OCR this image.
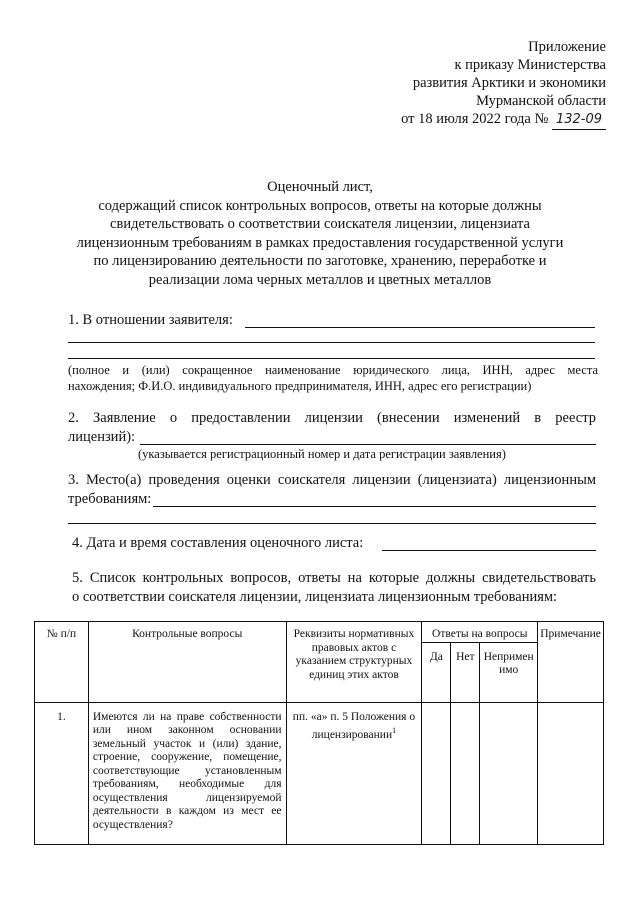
Приложение
к приказу Министерства
развития Арктики и экономики
Мурманской области
от 18 июля 2022 года № 132-09
Оценочный лист,
содержащий список контрольных вопросов, ответы на которые должны
свидетельствовать о соответствии соискателя лицензии, лицензиата
лицензионным требованиям в рамках предоставления государственной услуги
по лицензированию деятельности по заготовке, хранению, переработке и
реализации лома черных металлов и цветных металлов
1. В отношении заявителя:
(полное и (или) сокращенное наименование юридического лица, ИНН, адрес места
нахождения; Ф.И.О. индивидуального предпринимателя, ИНН, адрес его регистрации)
2. Заявление о предоставлении лицензии (внесении изменений в реестр
лицензий):
(указывается регистрационный номер и дата регистрации заявления)
3. Место(а) проведения оценки соискателя лицензии (лицензиата) лицензионным
требованиям:
4. Дата и время составления оценочного листа:
5. Список контрольных вопросов, ответы на которые должны свидетельствовать
о соответствии соискателя лицензии, лицензиата лицензионным требованиям:
№ п/п	Контрольные вопросы	Реквизиты нормативных правовых актов с указанием структурных единиц этих актов	Ответы на вопросы			Примечание
			Да	Нет	Неприменимо	
1.	Имеются ли на праве собственности или ином законном основании земельный участок и (или) здание, строение, сооружение, помещение, соответствующие установленным требованиям, необходимые для осуществления лицензируемой деятельности в каждом из мест ее осуществления?	пп. «а» п. 5 Положения о лицензировании$^1$				
